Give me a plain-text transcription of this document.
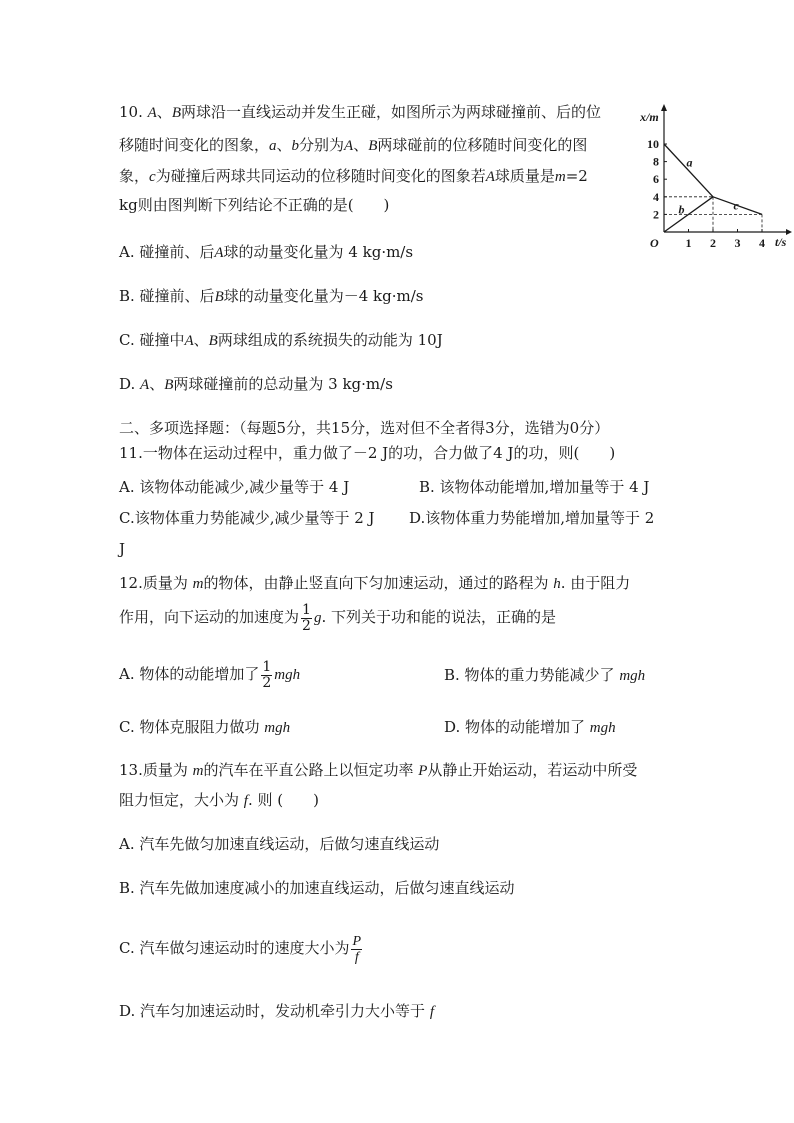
10. A、B两球沿一直线运动并发生正碰，如图所示为两球碰撞前、后的位
移随时间变化的图象，a、b分别为A、B两球碰前的位移随时间变化的图
象，c为碰撞后两球共同运动的位移随时间变化的图象若A球质量是m=2
kg则由图判断下列结论不正确的是(　　)
A. 碰撞前、后A球的动量变化量为 4 kg·m/s
B. 碰撞前、后B球的动量变化量为－4 kg·m/s
C. 碰撞中A、B两球组成的系统损失的动能为 10J
D. A、B两球碰撞前的总动量为 3 kg·m/s
x/m
t/s
O 1 2 3 4
2
4
6
8
10
a
b	c
二、多项选择题：（每题5分，共15分，选对但不全者得3分，选错为0分）
11.一物体在运动过程中，重力做了－2 J的功，合力做了4 J的功，则(　　)
A. 该物体动能减少,减少量等于 4 J	B. 该物体动能增加,增加量等于 4 J
C.该物体重力势能减少,减少量等于 2 J D.该物体重力势能增加,增加量等于 2
J
12.质量为 m的物体，由静止竖直向下匀加速运动，通过的路程为 h. 由于阻力
作用，向下运动的加速度为 $\frac{1}{2} g$. 下列关于功和能的说法，正确的是
A. 物体的动能增加了 $\frac{1}{2}$ mgh	B. 物体的重力势能减少了 mgh
C. 物体克服阻力做功 mgh	D. 物体的动能增加了 mgh
13.质量为 m的汽车在平直公路上以恒定功率 P从静止开始运动，若运动中所受
阻力恒定，大小为 f. 则 (　　)
A. 汽车先做匀加速直线运动，后做匀速直线运动
B. 汽车先做加速度减小的加速直线运动，后做匀速直线运动
C. 汽车做匀速运动时的速度大小为 $\frac{P}{f}$
D. 汽车匀加速运动时，发动机牵引力大小等于 f
